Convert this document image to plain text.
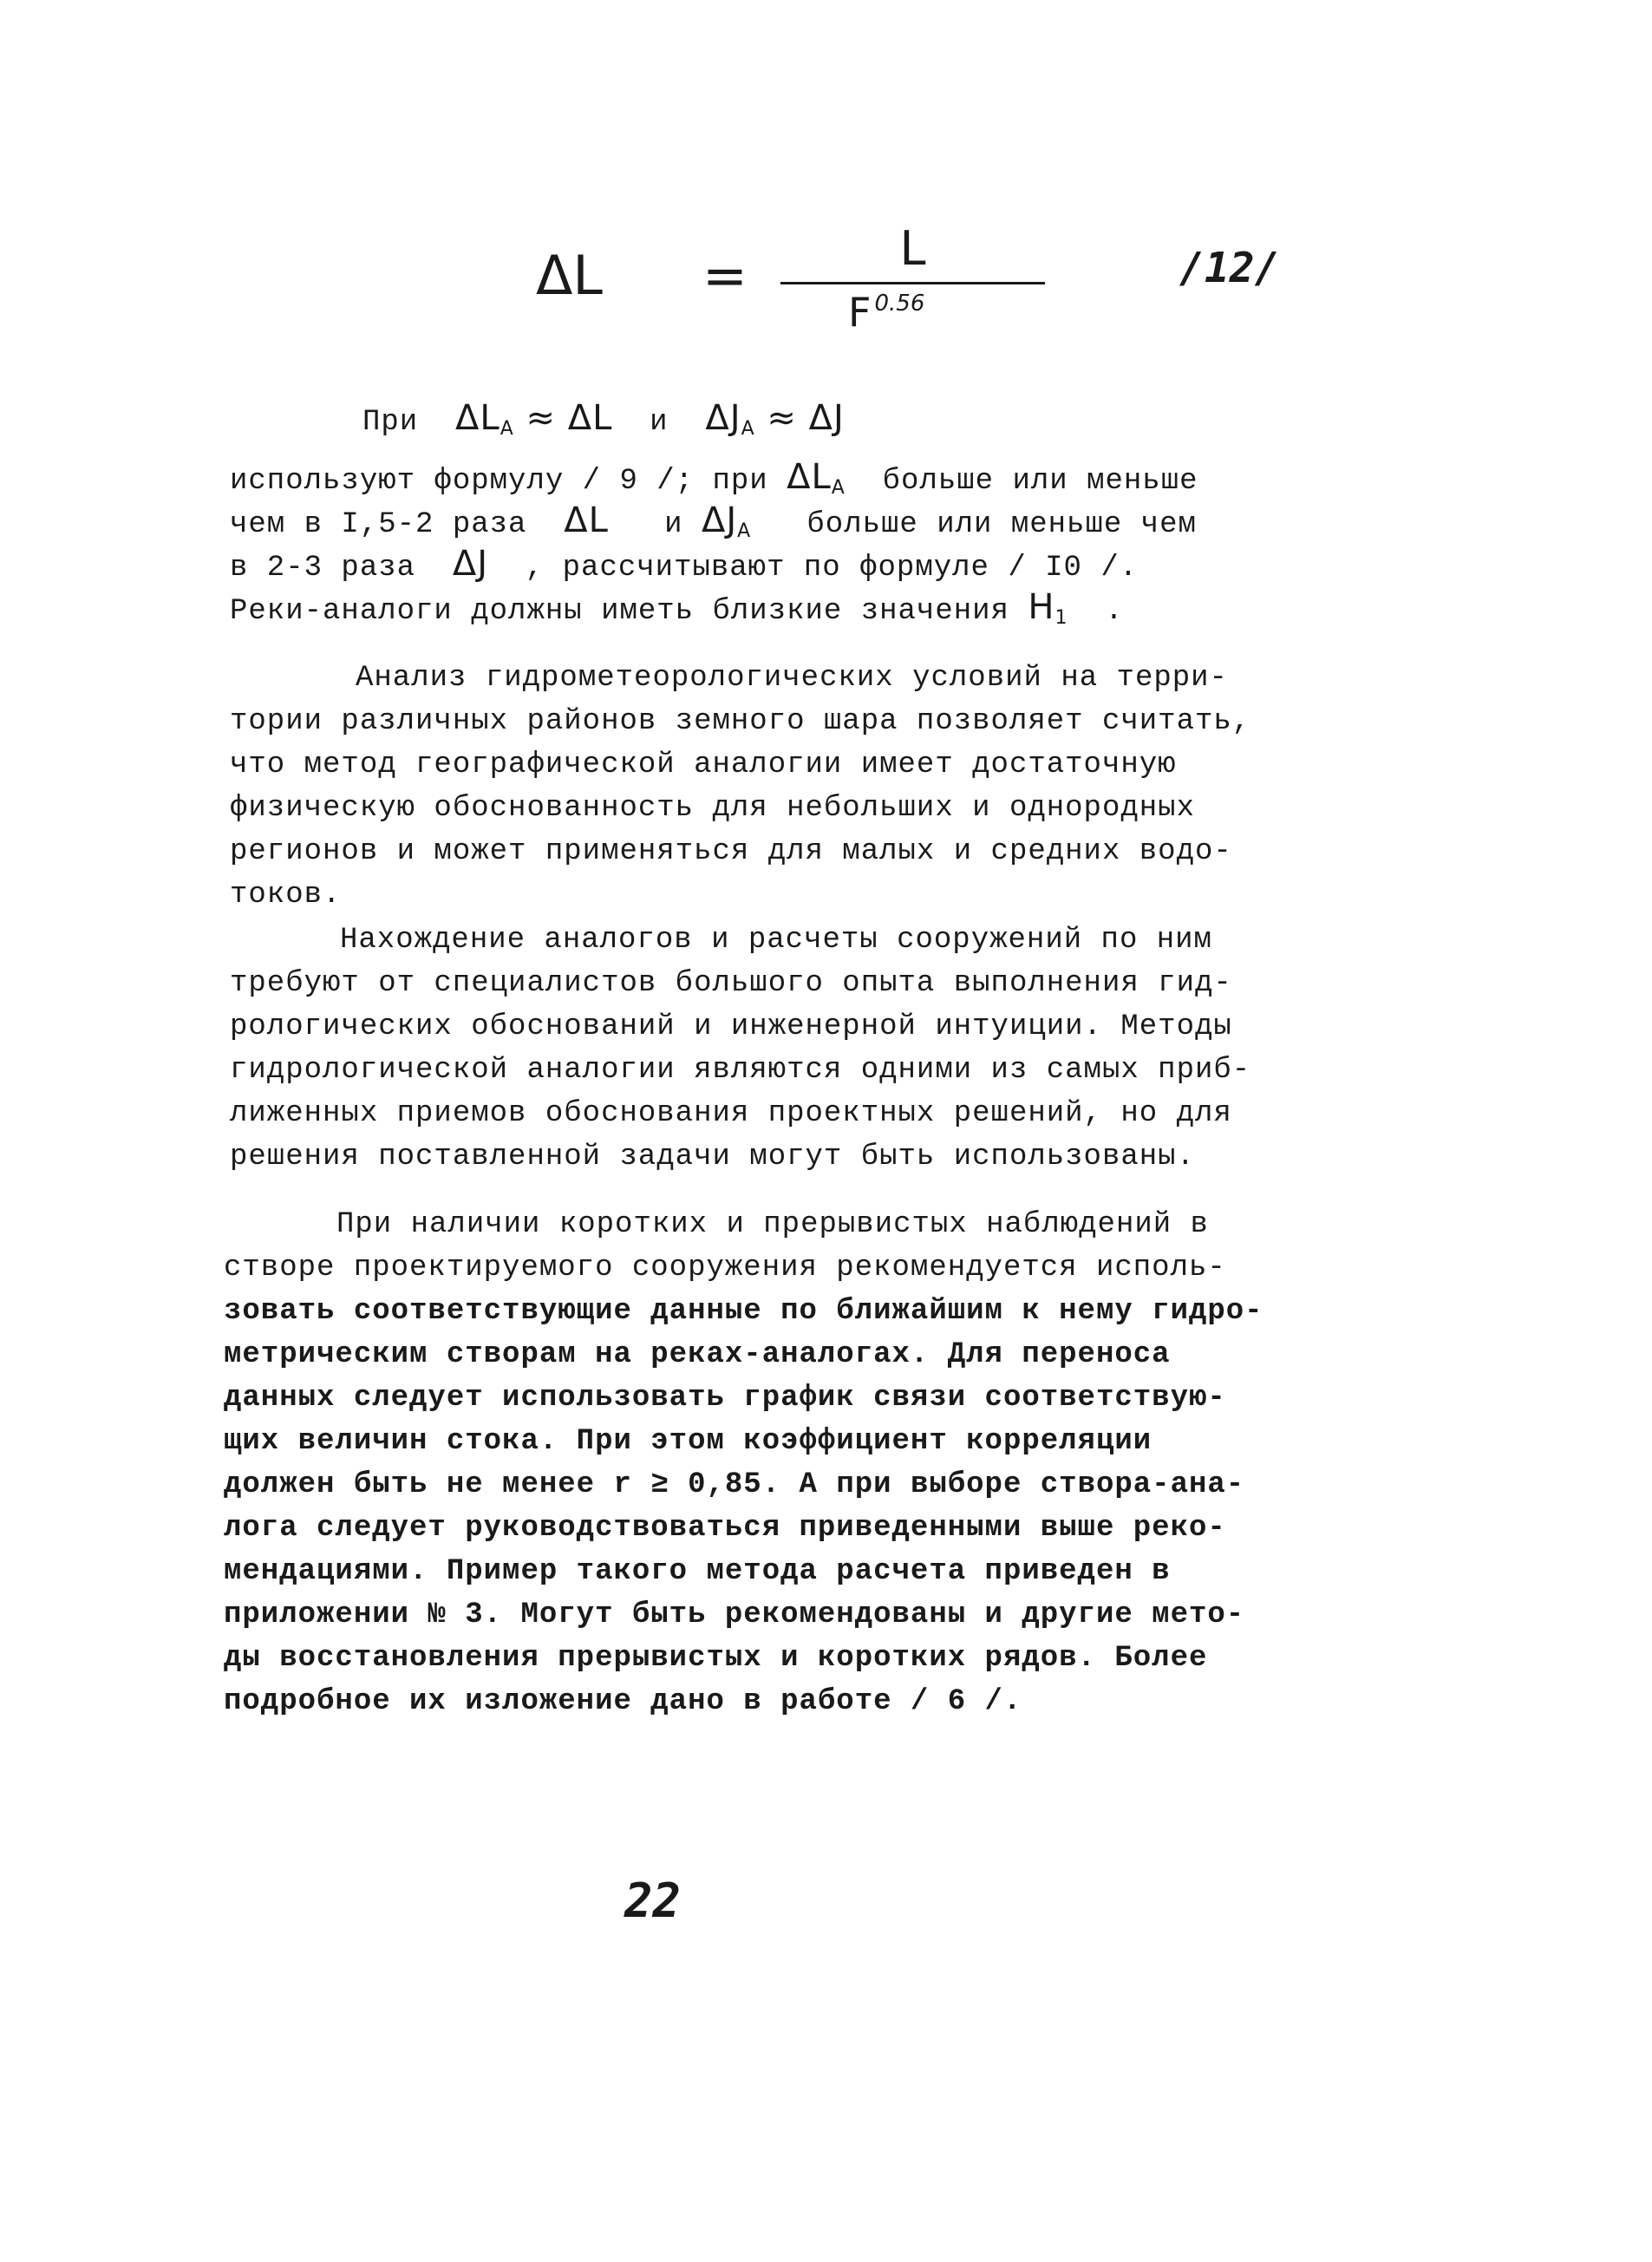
ΔL =	L
F $^{0.56}$
/12/
При $\Delta L_A \approx \Delta L$ и $\Delta J_A \approx \Delta J$
используют формулу / 9 /; при $\Delta L_A$ больше или меньше
чем в I,5-2 раза ΔL и $\Delta J_A$ больше или меньше чем
в 2-3 раза ΔJ , рассчитывают по формуле / I0 /.
Реки-аналоги должны иметь близкие значения $H_1$ .
Анализ гидрометеорологических условий на терри-
тории различных районов земного шара позволяет считать,
что метод географической аналогии имеет достаточную
физическую обоснованность для небольших и однородных
регионов и может применяться для малых и средних водо-
токов.
Нахождение аналогов и расчеты сооружений по ним
требуют от специалистов большого опыта выполнения гид-
рологических обоснований и инженерной интуиции. Методы
гидрологической аналогии являются одними из самых приб-
лиженных приемов обоснования проектных решений, но для
решения поставленной задачи могут быть использованы.
При наличии коротких и прерывистых наблюдений в
створе проектируемого сооружения рекомендуется исполь-
зовать соответствующие данные по ближайшим к нему гидро-
метрическим створам на реках-аналогах. Для переноса
данных следует использовать график связи соответствую-
щих величин стока. При этом коэффициент корреляции
должен быть не менее r ≥ 0,85. А при выборе створа-ана-
лога следует руководствоваться приведенными выше реко-
мендациями. Пример такого метода расчета приведен в
приложении № 3. Могут быть рекомендованы и другие мето-
ды восстановления прерывистых и коротких рядов. Более
подробное их изложение дано в работе / 6 /.
22
